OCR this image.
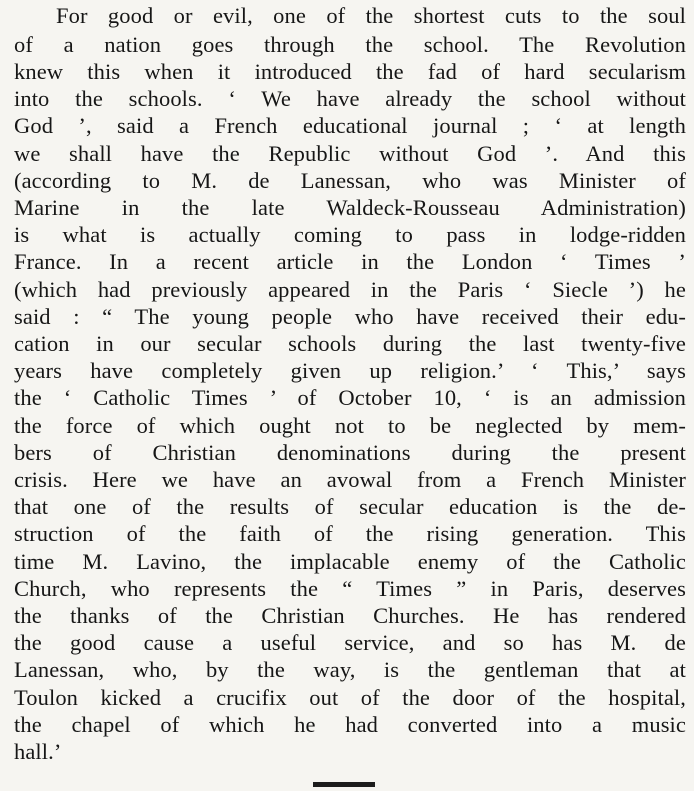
For good or evil, one of the shortest cuts to the soul
of a nation goes through the school. The Revolution
knew this when it introduced the fad of hard secularism
into the schools. ‘ We have already the school without
God ’, said a French educational journal ; ‘ at length
we shall have the Republic without God ’. And this
(according to M. de Lanessan, who was Minister of
Marine in the late Waldeck-Rousseau Administration)
is what is actually coming to pass in lodge-ridden
France. In a recent article in the London ‘ Times ’
(which had previously appeared in the Paris ‘ Siecle ’) he
said : “ The young people who have received their edu-
cation in our secular schools during the last twenty-five
years have completely given up religion.’ ‘ This,’ says
the ‘ Catholic Times ’ of October 10, ‘ is an admission
the force of which ought not to be neglected by mem-
bers of Christian denominations during the present
crisis. Here we have an avowal from a French Minister
that one of the results of secular education is the de-
struction of the faith of the rising generation. This
time M. Lavino, the implacable enemy of the Catholic
Church, who represents the “ Times ” in Paris, deserves
the thanks of the Christian Churches. He has rendered
the good cause a useful service, and so has M. de
Lanessan, who, by the way, is the gentleman that at
Toulon kicked a crucifix out of the door of the hospital,
the chapel of which he had converted into a music
hall.’
